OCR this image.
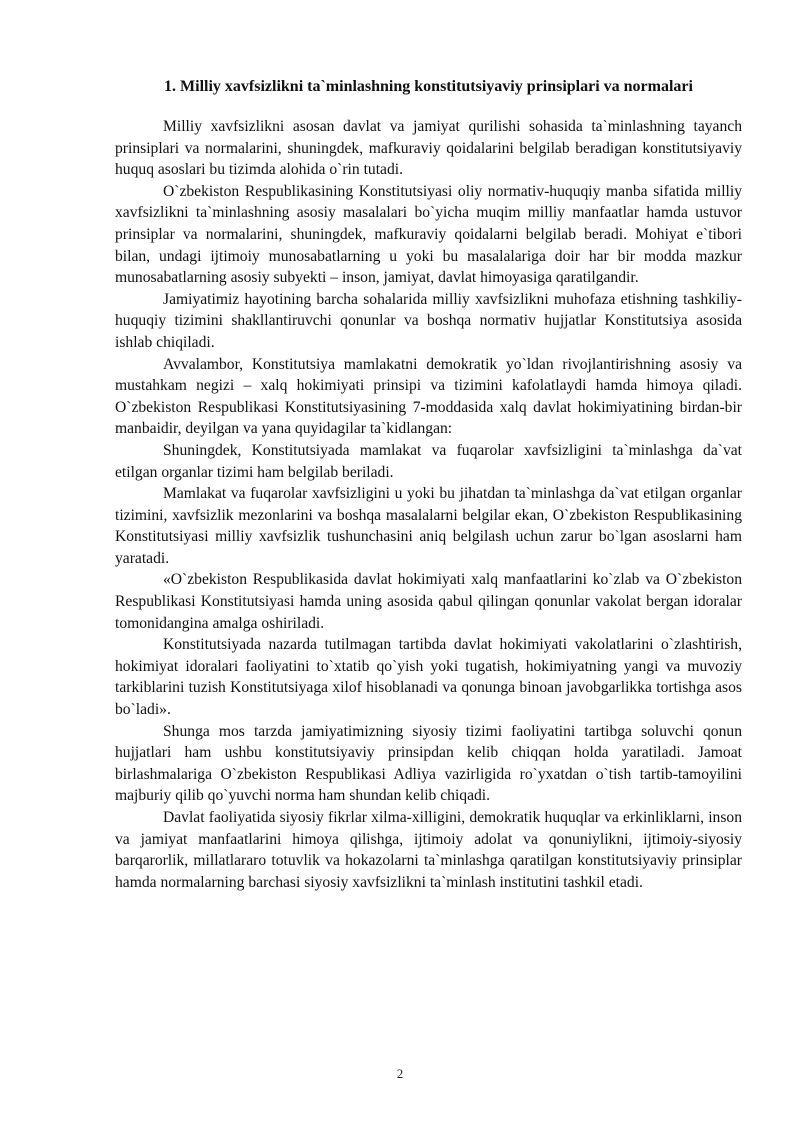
1. Milliy xavfsizlikni ta`minlashning konstitutsiyaviy prinsiplari va normalari

Milliy xavfsizlikni asosan davlat va jamiyat qurilishi sohasida ta`minlashning tayanch prinsiplari va normalarini, shuningdek, mafkuraviy qoidalarini belgilab beradigan konstitutsiyaviy huquq asoslari bu tizimda alohida o`rin tutadi.

O`zbekiston Respublikasining Konstitutsiyasi oliy normativ-huquqiy manba sifatida milliy xavfsizlikni ta`minlashning asosiy masalalari bo`yicha muqim milliy manfaatlar hamda ustuvor prinsiplar va normalarini, shuningdek, mafkuraviy qoidalarni belgilab beradi. Mohiyat e`tibori bilan, undagi ijtimoiy munosabatlarning u yoki bu masalalariga doir har bir modda mazkur munosabatlarning asosiy subyekti – inson, jamiyat, davlat himoyasiga qaratilgandir.

Jamiyatimiz hayotining barcha sohalarida milliy xavfsizlikni muhofaza etishning tashkiliy-huquqiy tizimini shakllantiruvchi qonunlar va boshqa normativ hujjatlar Konstitutsiya asosida ishlab chiqiladi.

Avvalambor, Konstitutsiya mamlakatni demokratik yo`ldan rivojlantirishning asosiy va mustahkam negizi – xalq hokimiyati prinsipi va tizimini kafolatlaydi hamda himoya qiladi. O`zbekiston Respublikasi Konstitutsiyasining 7-moddasida xalq davlat hokimiyatining birdan-bir manbaidir, deyilgan va yana quyidagilar ta`kidlangan:

Shuningdek, Konstitutsiyada mamlakat va fuqarolar xavfsizligini ta`minlashga da`vat etilgan organlar tizimi ham belgilab beriladi.

Mamlakat va fuqarolar xavfsizligini u yoki bu jihatdan ta`minlashga da`vat etilgan organlar tizimini, xavfsizlik mezonlarini va boshqa masalalarni belgilar ekan, O`zbekiston Respublikasining Konstitutsiyasi milliy xavfsizlik tushunchasini aniq belgilash uchun zarur bo`lgan asoslarni ham yaratadi.

«O`zbekiston Respublikasida davlat hokimiyati xalq manfaatlarini ko`zlab va O`zbekiston Respublikasi Konstitutsiyasi hamda uning asosida qabul qilingan qonunlar vakolat bergan idoralar tomonidangina amalga oshiriladi.

Konstitutsiyada nazarda tutilmagan tartibda davlat hokimiyati vakolatlarini o`zlashtirish, hokimiyat idoralari faoliyatini to`xtatib qo`yish yoki tugatish, hokimiyatning yangi va muvoziy tarkiblarini tuzish Konstitutsiyaga xilof hisoblanadi va qonunga binoan javobgarlikka tortishga asos bo`ladi».

Shunga mos tarzda jamiyatimizning siyosiy tizimi faoliyatini tartibga soluvchi qonun hujjatlari ham ushbu konstitutsiyaviy prinsipdan kelib chiqqan holda yaratiladi. Jamoat birlashmalariga O`zbekiston Respublikasi Adliya vazirligida ro`yxatdan o`tish tartib-tamoyilini majburiy qilib qo`yuvchi norma ham shundan kelib chiqadi.

Davlat faoliyatida siyosiy fikrlar xilma-xilligini, demokratik huquqlar va erkinliklarni, inson va jamiyat manfaatlarini himoya qilishga, ijtimoiy adolat va qonuniylikni, ijtimoiy-siyosiy barqarorlik, millatlararo totuvlik va hokazolarni ta`minlashga qaratilgan konstitutsiyaviy prinsiplar hamda normalarning barchasi siyosiy xavfsizlikni ta`minlash institutini tashkil etadi.

2
